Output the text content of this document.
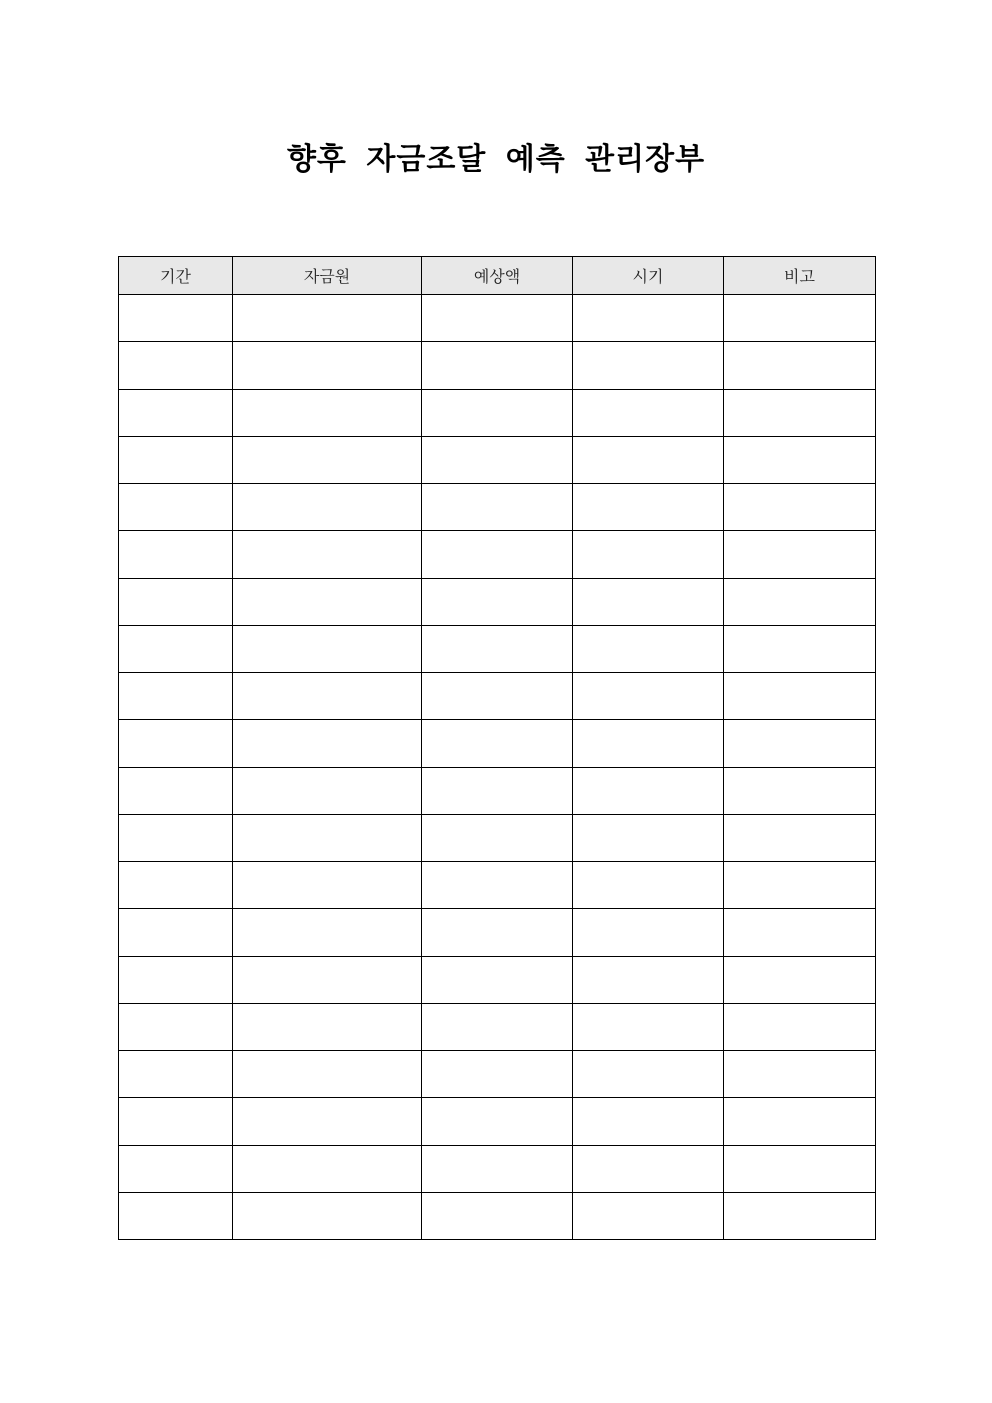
향후 자금조달 예측 관리장부
기간	자금원	예상액	시기	비고
